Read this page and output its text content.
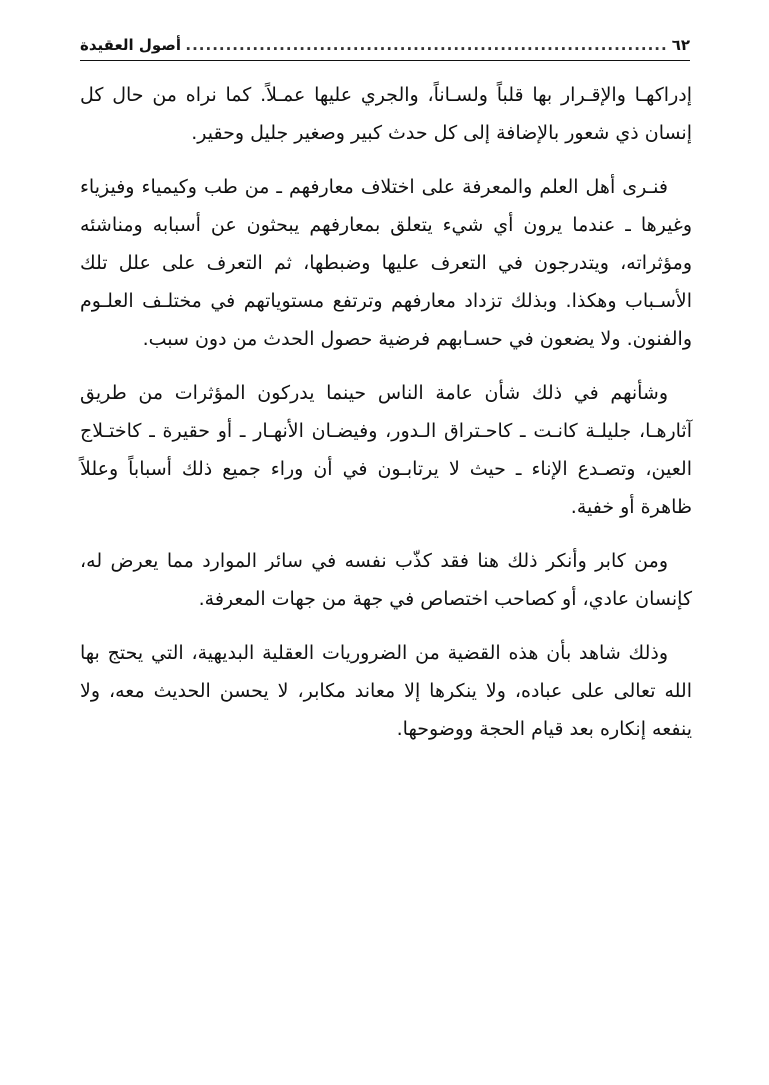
٦٢
.....
أصول العقيدة

إدراكهـا والإقـرار بها قلباً ولسـاناً، والجري عليها عمـلاً. كما نراه من حال كل إنسان ذي شعور بالإضافة إلى كل حدث كبير وصغير جليل وحقير.

فنـرى أهل العلم والمعرفة على اختلاف معارفهم ـ من طب وكيمياء وفيزياء وغيرها ـ عندما يرون أي شيء يتعلق بمعارفهم يبحثون عن أسبابه ومناشئه ومؤثراته، ويتدرجون في التعرف عليها وضبطها، ثم التعرف على علل تلك الأسـباب وهكذا. وبذلك تزداد معارفهم وترتفع مستوياتهم في مختلـف العلـوم والفنون. ولا يضعون في حسـابهم فرضية حصول الحدث من دون سبب.

وشأنهم في ذلك شأن عامة الناس حينما يدركون المؤثرات من طريق آثارهـا، جليلـة كانـت ـ كاحـتراق الـدور، وفيضـان الأنهـار ـ أو حقيرة ـ كاختـلاج العين، وتصـدع الإناء ـ حيث لا يرتابـون في أن وراء جميع ذلك أسباباً وعللاً ظاهرة أو خفية.

ومن كابر وأنكر ذلك هنا فقد كذّب نفسه في سائر الموارد مما يعرض له، كإنسان عادي، أو كصاحب اختصاص في جهة من جهات المعرفة.

وذلك شاهد بأن هذه القضية من الضروريات العقلية البديهية، التي يحتج بها الله تعالى على عباده، ولا ينكرها إلا معاند مكابر، لا يحسن الحديث معه، ولا ينفعه إنكاره بعد قيام الحجة ووضوحها.
